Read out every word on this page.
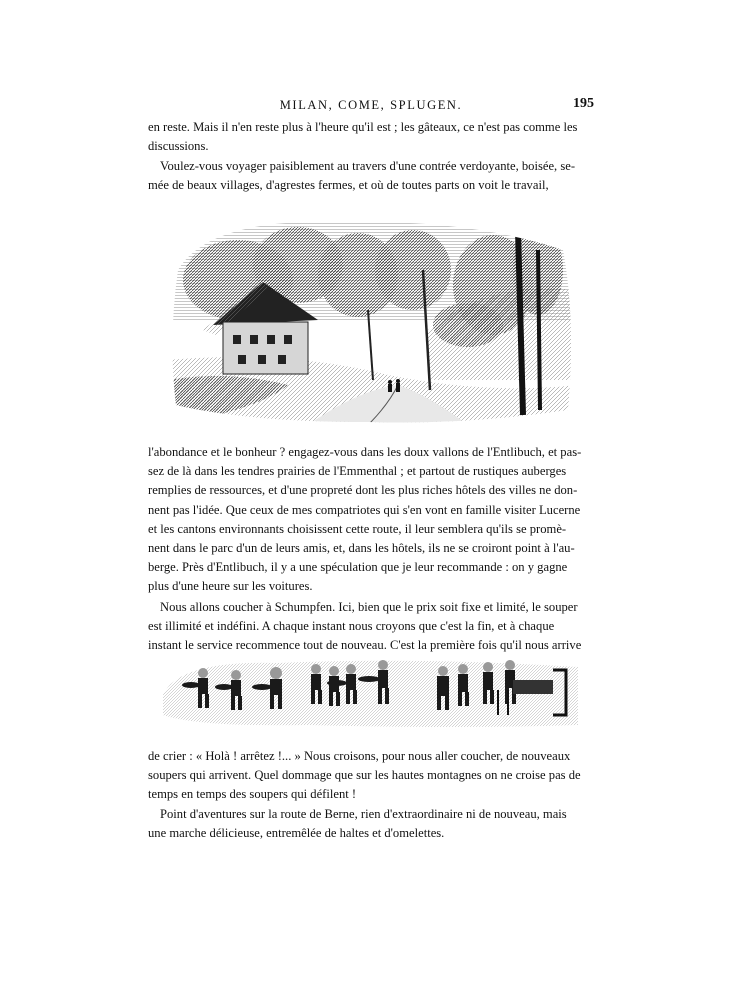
MILAN, COME, SPLUGEN.	195
en reste. Mais il n'en reste plus à l'heure qu'il est ; les gâteaux, ce n'est pas comme les
discussions.
Voulez-vous voyager paisiblement au travers d'une contrée verdoyante, boisée, se-
mée de beaux villages, d'agrestes fermes, et où de toutes parts on voit le travail,
l'abondance et le bonheur ? engagez-vous dans les doux vallons de l'Entlibuch, et pas-
sez de là dans les tendres prairies de l'Emmenthal ; et partout de rustiques auberges
remplies de ressources, et d'une propreté dont les plus riches hôtels des villes ne don-
nent pas l'idée. Que ceux de mes compatriotes qui s'en vont en famille visiter Lucerne
et les cantons environnants choisissent cette route, il leur semblera qu'ils se promè-
nent dans le parc d'un de leurs amis, et, dans les hôtels, ils ne se croiront point à l'au-
berge. Près d'Entlibuch, il y a une spéculation que je leur recommande : on y gagne
plus d'une heure sur les voitures.
Nous allons coucher à Schumpfen. Ici, bien que le prix soit fixe et limité, le souper
est illimité et indéfini. A chaque instant nous croyons que c'est la fin, et à chaque
instant le service recommence tout de nouveau. C'est la première fois qu'il nous arrive
de crier : « Holà ! arrêtez !... » Nous croisons, pour nous aller coucher, de nouveaux
soupers qui arrivent. Quel dommage que sur les hautes montagnes on ne croise pas de
temps en temps des soupers qui défilent !
Point d'aventures sur la route de Berne, rien d'extraordinaire ni de nouveau, mais
une marche délicieuse, entremêlée de haltes et d'omelettes.
